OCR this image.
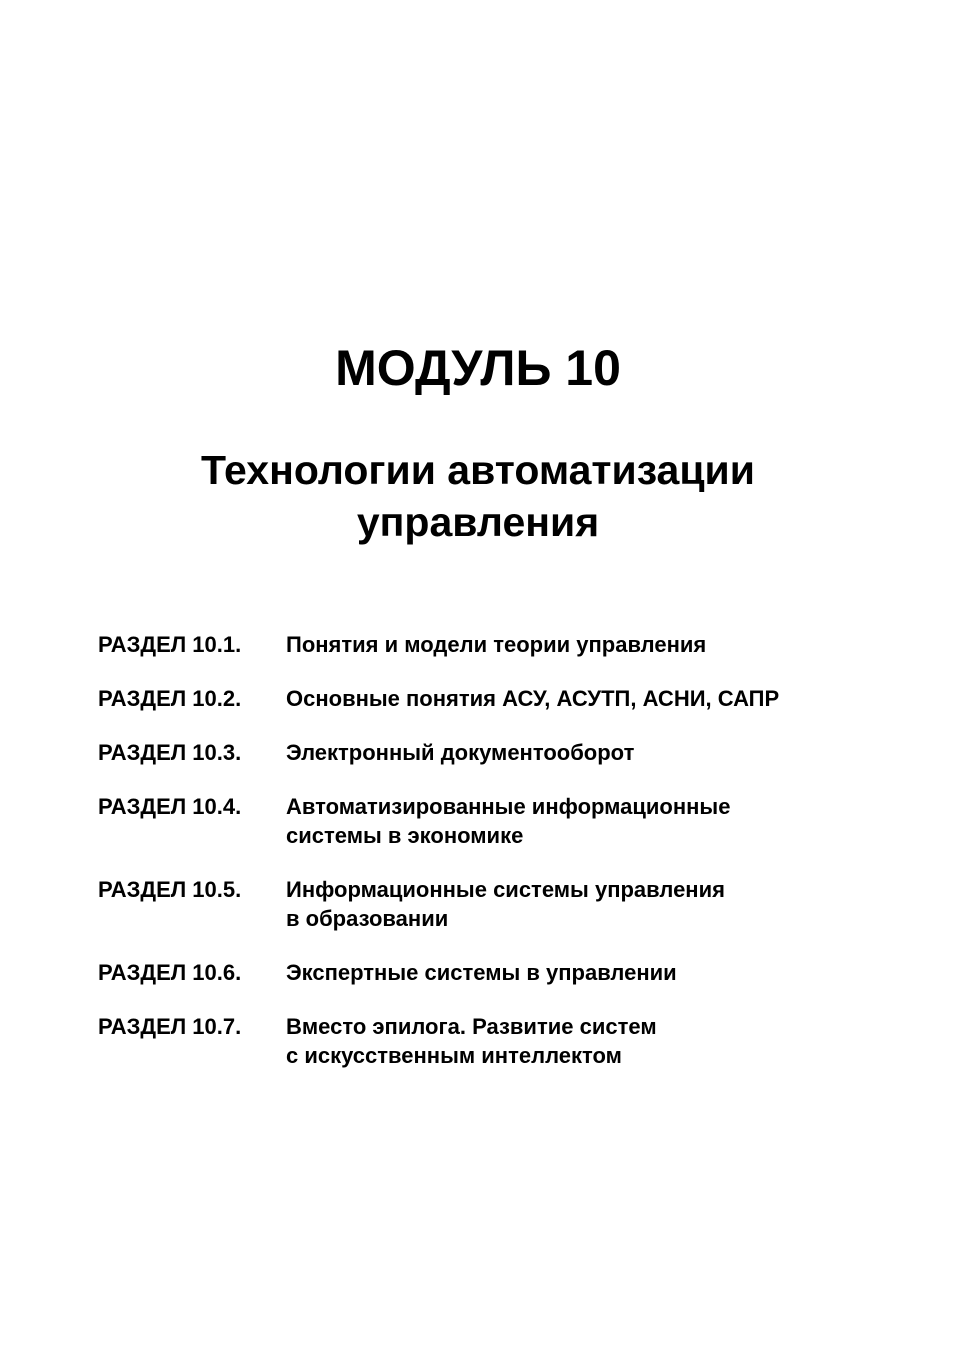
МОДУЛЬ 10
Технологии автоматизации
управления
РАЗДЕЛ 10.1.	Понятия и модели теории управления
РАЗДЕЛ 10.2.	Основные понятия АСУ, АСУТП, АСНИ, САПР
РАЗДЕЛ 10.3.	Электронный документооборот
РАЗДЕЛ 10.4.	Автоматизированные информационные
системы в экономике
РАЗДЕЛ 10.5.	Информационные системы управления
в образовании
РАЗДЕЛ 10.6.	Экспертные системы в управлении
РАЗДЕЛ 10.7.	Вместо эпилога. Развитие систем
с искусственным интеллектом
